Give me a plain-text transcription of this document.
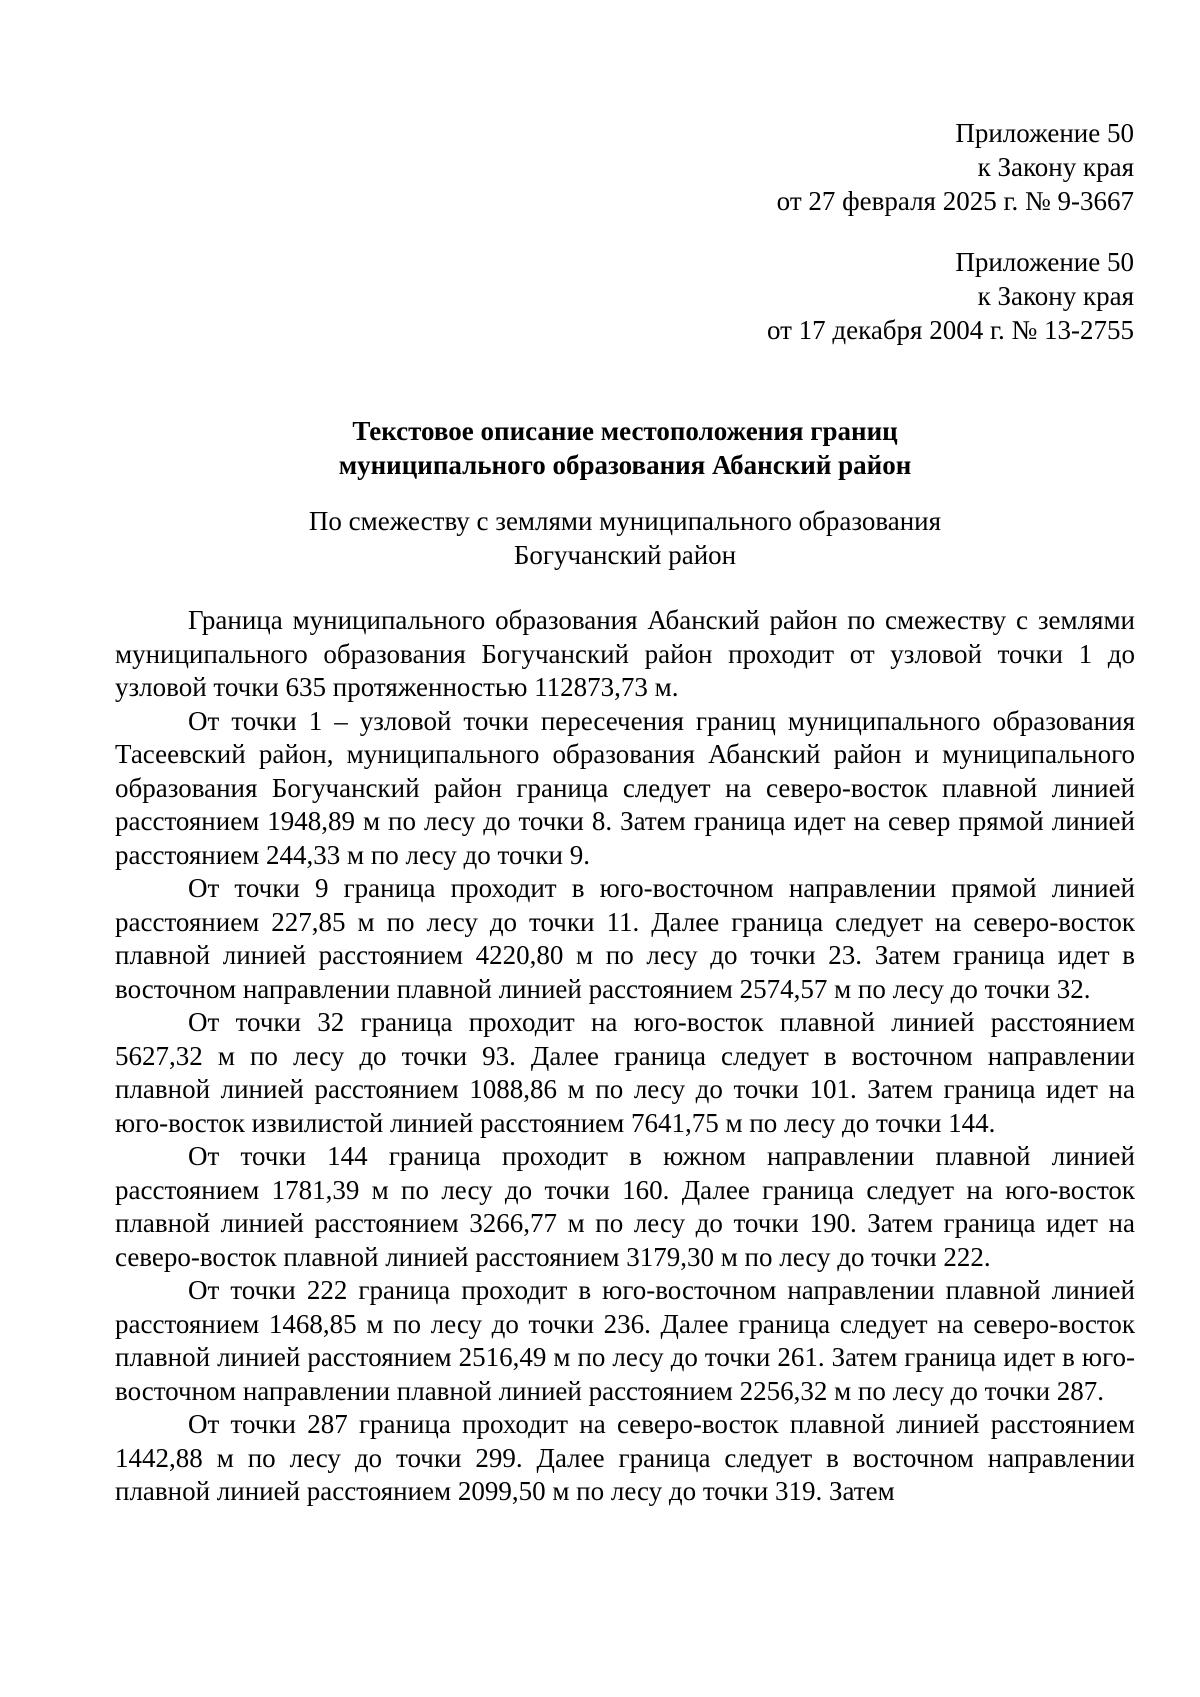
Приложение 50
к Закону края
от 27 февраля 2025 г. № 9-3667
Приложение 50
к Закону края
от 17 декабря 2004 г. № 13-2755
Текстовое описание местоположения границ
муниципального образования Абанский район
По смежеству с землями муниципального образования
Богучанский район

Граница муниципального образования Абанский район по смежеству с землями муниципального образования Богучанский район проходит от узловой точки 1 до узловой точки 635 протяженностью 112873,73 м.

От точки 1 – узловой точки пересечения границ муниципального образования Тасеевский район, муниципального образования Абанский район и муниципального образования Богучанский район граница следует на северо-восток плавной линией расстоянием 1948,89 м по лесу до точки 8. Затем граница идет на север прямой линией расстоянием 244,33 м по лесу до точки 9.

От точки 9 граница проходит в юго-восточном направлении прямой линией расстоянием 227,85 м по лесу до точки 11. Далее граница следует на северо-восток плавной линией расстоянием 4220,80 м по лесу до точки 23. Затем граница идет в восточном направлении плавной линией расстоянием 2574,57 м по лесу до точки 32.

От точки 32 граница проходит на юго-восток плавной линией расстоянием 5627,32 м по лесу до точки 93. Далее граница следует в восточном направлении плавной линией расстоянием 1088,86 м по лесу до точки 101. Затем граница идет на юго-восток извилистой линией расстоянием 7641,75 м по лесу до точки 144.

От точки 144 граница проходит в южном направлении плавной линией расстоянием 1781,39 м по лесу до точки 160. Далее граница следует на юго-восток плавной линией расстоянием 3266,77 м по лесу до точки 190. Затем граница идет на северо-восток плавной линией расстоянием 3179,30 м по лесу до точки 222.

От точки 222 граница проходит в юго-восточном направлении плавной линией расстоянием 1468,85 м по лесу до точки 236. Далее граница следует на северо-восток плавной линией расстоянием 2516,49 м по лесу до точки 261. Затем граница идет в юго-восточном направлении плавной линией расстоянием 2256,32 м по лесу до точки 287.

От точки 287 граница проходит на северо-восток плавной линией расстоянием 1442,88 м по лесу до точки 299. Далее граница следует в восточном направлении плавной линией расстоянием 2099,50 м по лесу до точки 319. Затем
